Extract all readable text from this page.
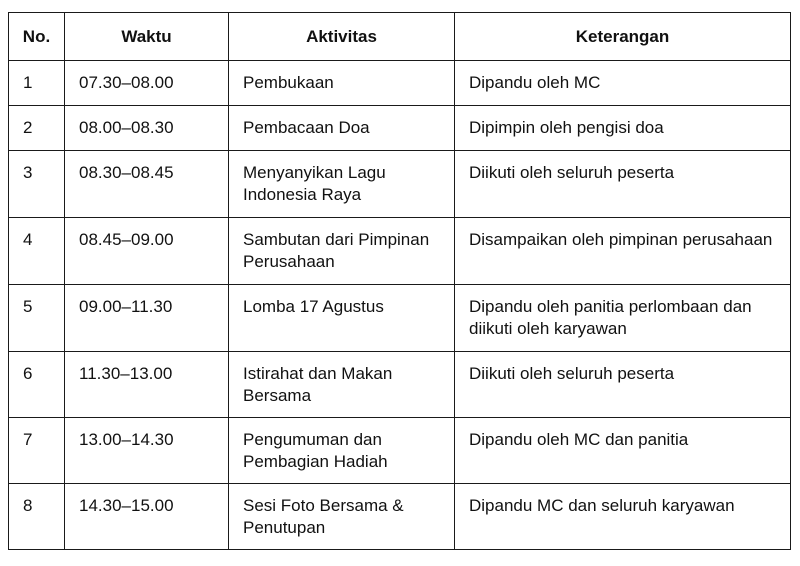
No.	Waktu	Aktivitas	Keterangan
1	07.30–08.00	Pembukaan	Dipandu oleh MC
2	08.00–08.30	Pembacaan Doa	Dipimpin oleh pengisi doa
3	08.30–08.45	Menyanyikan Lagu Indonesia Raya	Diikuti oleh seluruh peserta
4	08.45–09.00	Sambutan dari Pimpinan Perusahaan	Disampaikan oleh pimpinan perusahaan
5	09.00–11.30	Lomba 17 Agustus	Dipandu oleh panitia perlombaan dan diikuti oleh karyawan
6	11.30–13.00	Istirahat dan Makan Bersama	Diikuti oleh seluruh peserta
7	13.00–14.30	Pengumuman dan Pembagian Hadiah	Dipandu oleh MC dan panitia
8	14.30–15.00	Sesi Foto Bersama & Penutupan	Dipandu MC dan seluruh karyawan
